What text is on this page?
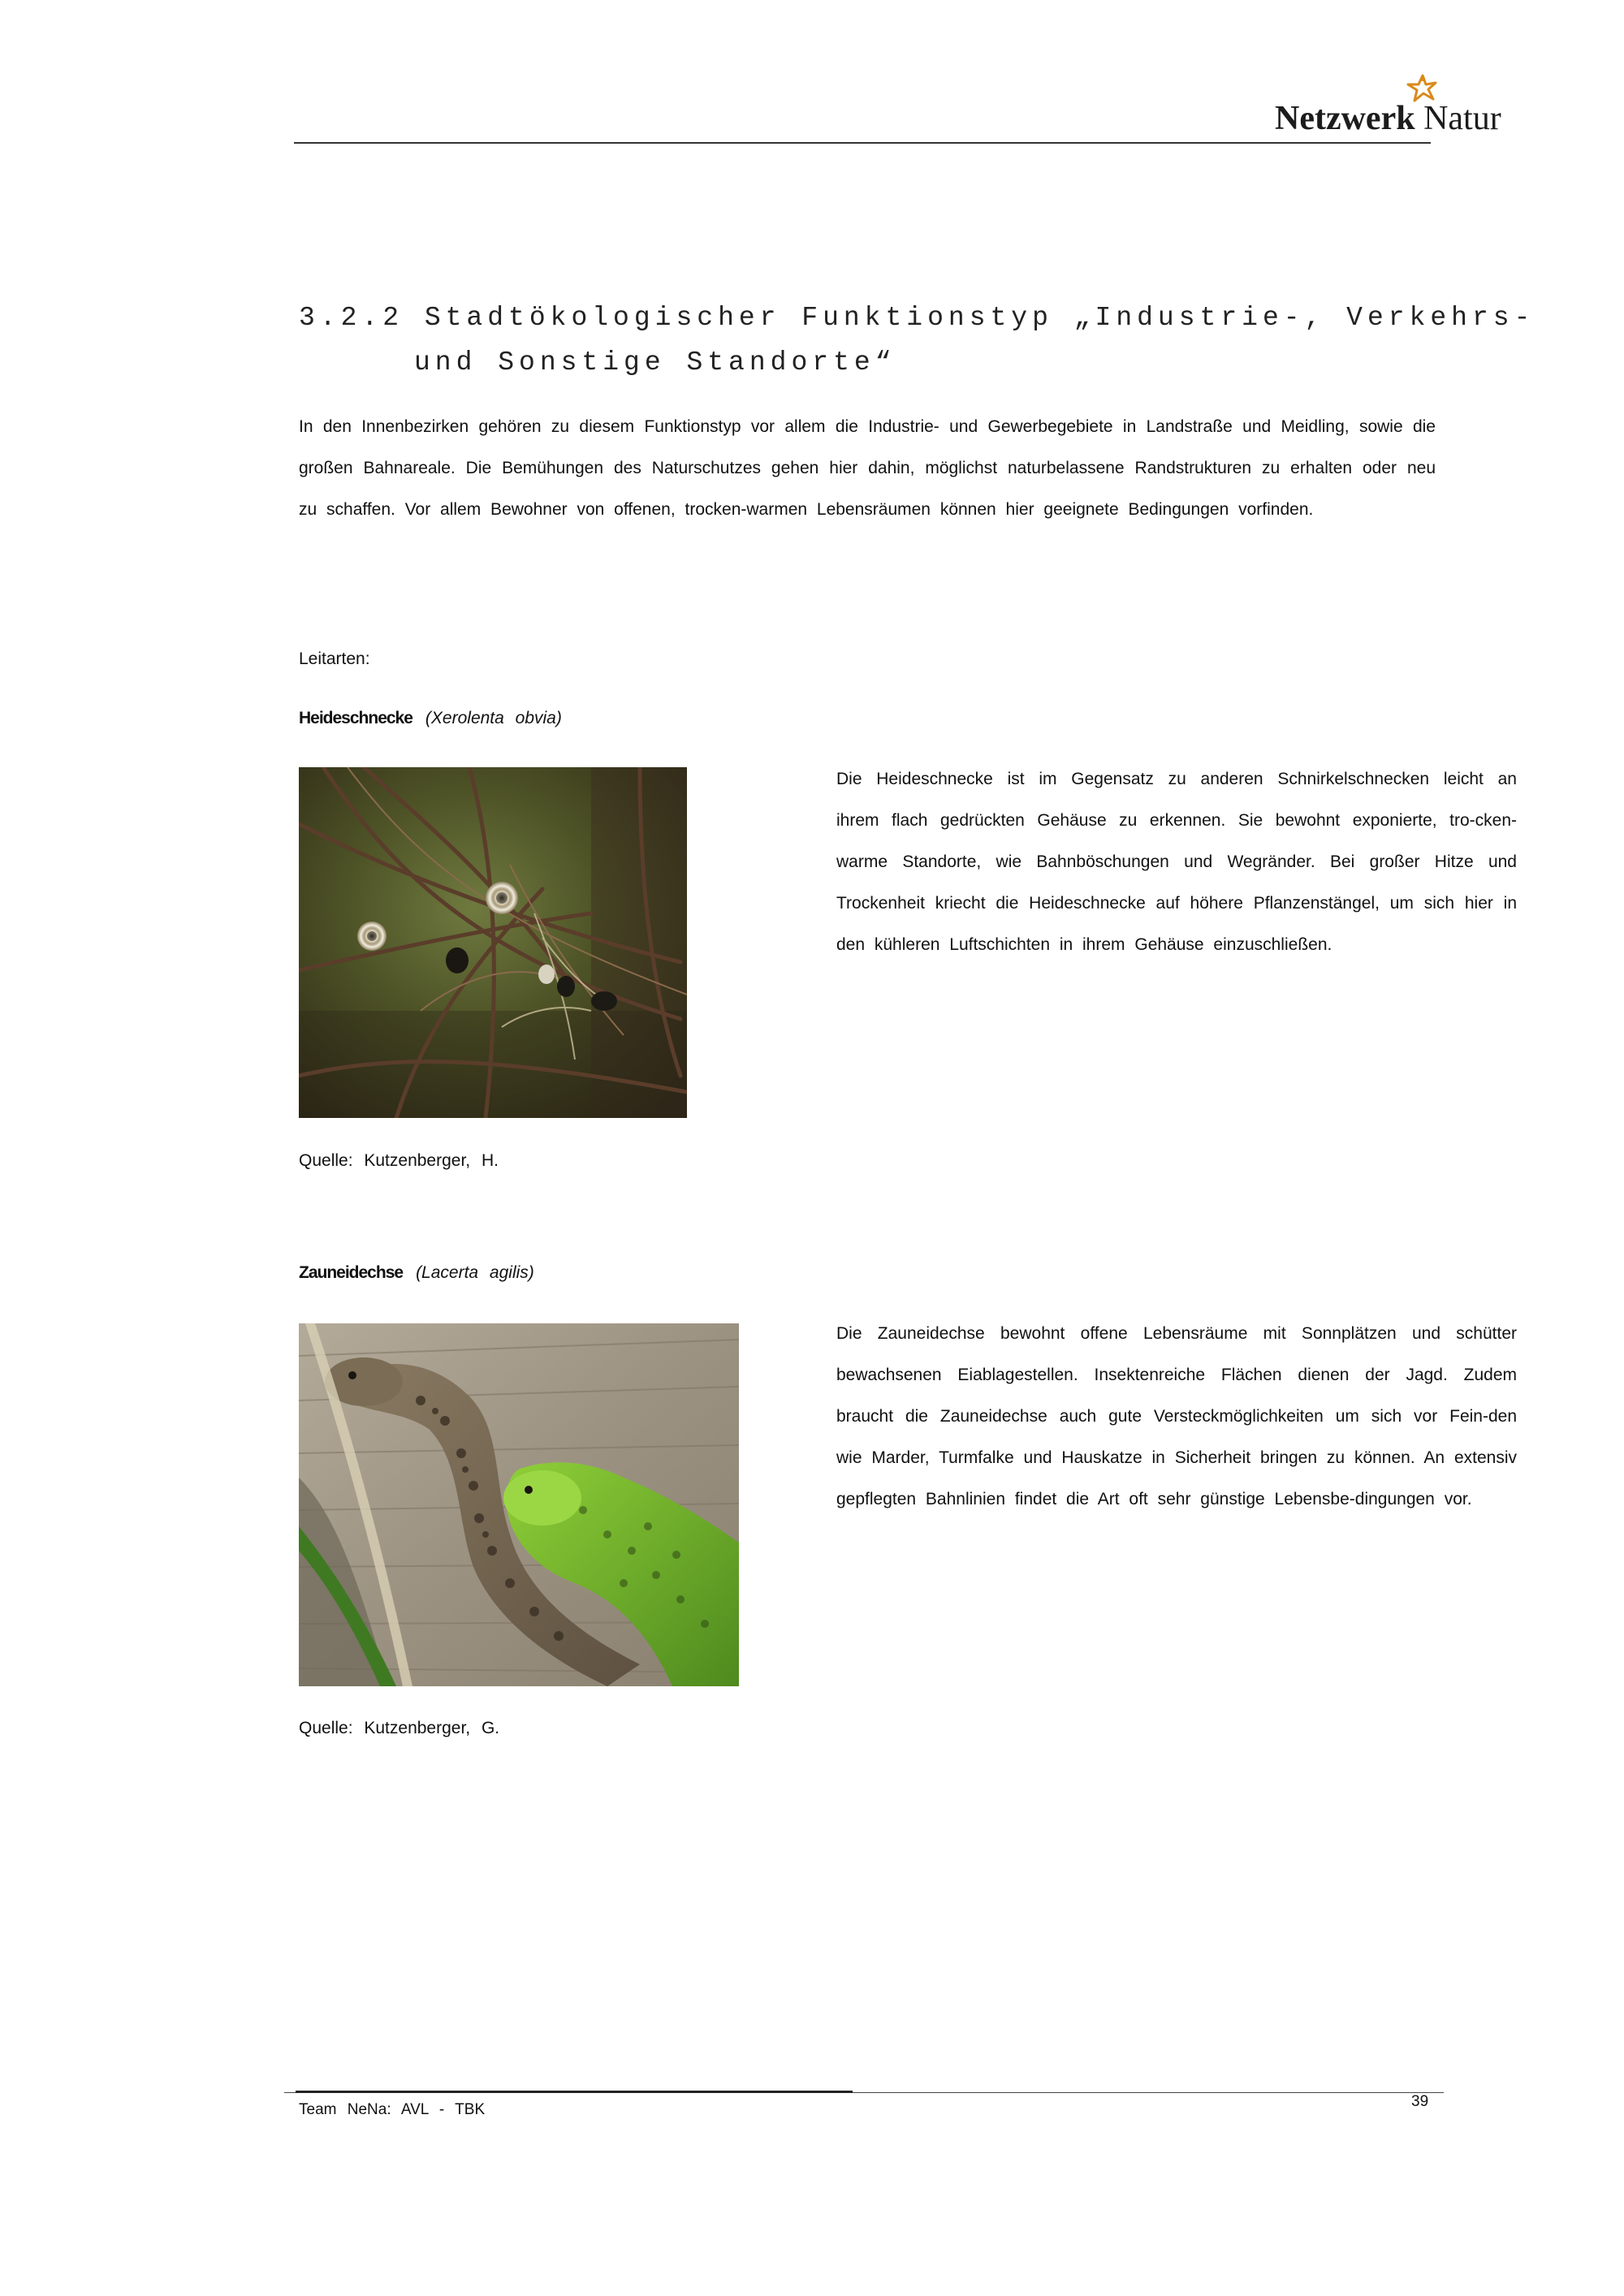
Netzwerk Natur
3.2.2 Stadtökologischer Funktionstyp „Industrie-, Verkehrs-
und Sonstige Standorte“

In den Innenbezirken gehören zu diesem Funktionstyp vor allem die Industrie- und Gewerbegebiete in Landstraße und Meidling, sowie die großen Bahnareale. Die Bemühungen des Naturschutzes gehen hier dahin, möglichst naturbelassene Randstrukturen zu erhalten oder neu zu schaffen. Vor allem Bewohner von offenen, trocken-warmen Lebensräumen können hier geeignete Bedingungen vorfinden.

Leitarten:
Heideschnecke (Xerolenta obvia)

Die Heideschnecke ist im Gegensatz zu anderen Schnirkelschnecken leicht an ihrem flach gedrückten Gehäuse zu erkennen. Sie bewohnt exponierte, tro-cken-warme Standorte, wie Bahnböschungen und Wegränder. Bei großer Hitze und Trockenheit kriecht die Heideschnecke auf höhere Pflanzenstängel, um sich hier in den kühleren Luftschichten in ihrem Gehäuse einzuschließen.

Quelle: Kutzenberger, H.
Zauneidechse (Lacerta agilis)

Die Zauneidechse bewohnt offene Lebensräume mit Sonnplätzen und schütter bewachsenen Eiablagestellen. Insektenreiche Flächen dienen der Jagd. Zudem braucht die Zauneidechse auch gute Versteckmöglichkeiten um sich vor Fein-den wie Marder, Turmfalke und Hauskatze in Sicherheit bringen zu können. An extensiv gepflegten Bahnlinien findet die Art oft sehr günstige Lebensbe-dingungen vor.

Quelle: Kutzenberger, G.
Team NeNa: AVL - TBK	39
